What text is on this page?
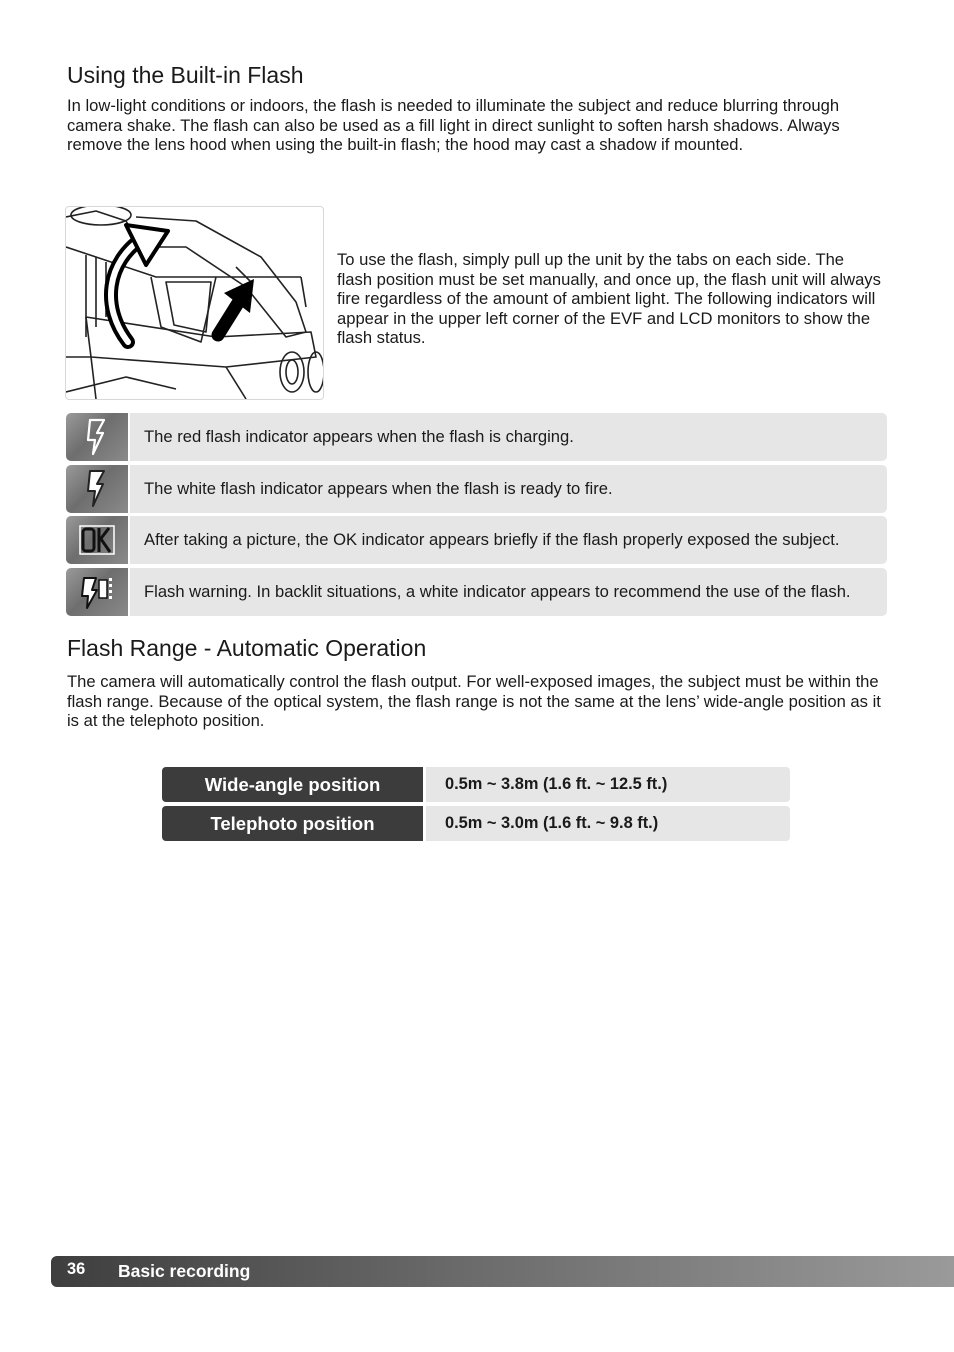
Using the Built-in Flash

In low-light conditions or indoors, the flash is needed to illuminate the subject and reduce blurring through camera shake. The flash can also be used as a fill light in direct sunlight to soften harsh shadows. Always remove the lens hood when using the built-in flash; the hood may cast a shadow if mounted.

To use the flash, simply pull up the unit by the tabs on each side. The flash position must be set manually, and once up, the flash unit will always fire regardless of the amount of ambient light. The following indicators will appear in the upper left corner of the EVF and LCD monitors to show the flash status.

The red flash indicator appears when the flash is charging.
The white flash indicator appears when the flash is ready to fire.
After taking a picture, the OK indicator appears briefly if the flash properly exposed the subject.
Flash warning. In backlit situations, a white indicator appears to recommend the use of the flash.
Flash Range - Automatic Operation

The camera will automatically control the flash output. For well-exposed images, the subject must be within the flash range. Because of the optical system, the flash range is not the same at the lens’ wide-angle position as it is at the telephoto position.

Wide-angle position	0.5m ~ 3.8m (1.6 ft. ~ 12.5 ft.)
Telephoto position	0.5m ~ 3.0m (1.6 ft. ~ 9.8 ft.)
36 Basic recording
